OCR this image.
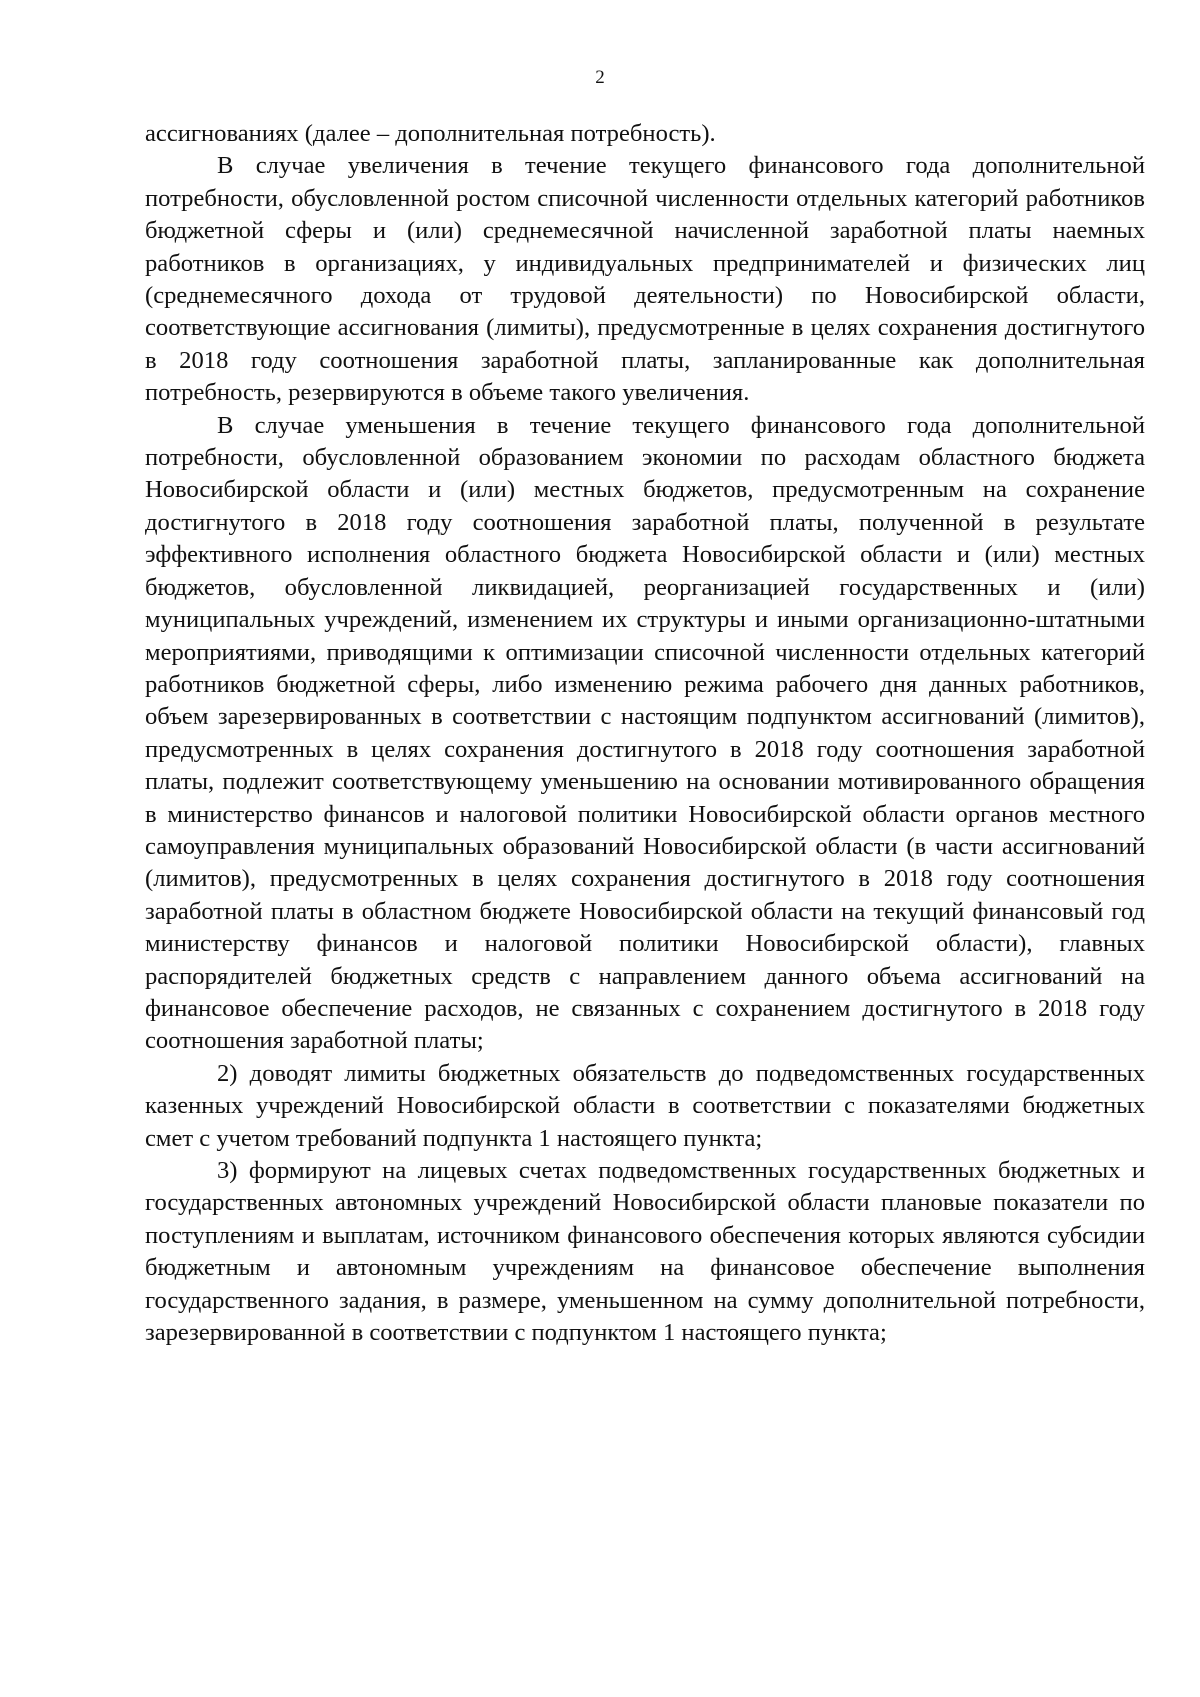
2

ассигнованиях (далее – дополнительная потребность).

В случае увеличения в течение текущего финансового года дополнительной потребности, обусловленной ростом списочной численности отдельных категорий работников бюджетной сферы и (или) среднемесячной начисленной заработной платы наемных работников в организациях, у индивидуальных предпринимателей и физических лиц (среднемесячного дохода от трудовой деятельности) по Новосибирской области, соответствующие ассигнования (лимиты), предусмотренные в целях сохранения достигнутого в 2018 году соотношения заработной платы, запланированные как дополнительная потребность, резервируются в объеме такого увеличения.

В случае уменьшения в течение текущего финансового года дополнительной потребности, обусловленной образованием экономии по расходам областного бюджета Новосибирской области и (или) местных бюджетов, предусмотренным на сохранение достигнутого в 2018 году соотношения заработной платы, полученной в результате эффективного исполнения областного бюджета Новосибирской области и (или) местных бюджетов, обусловленной ликвидацией, реорганизацией государственных и (или) муниципальных учреждений, изменением их структуры и иными организационно-штатными мероприятиями, приводящими к оптимизации списочной численности отдельных категорий работников бюджетной сферы, либо изменению режима рабочего дня данных работников, объем зарезервированных в соответствии с настоящим подпунктом ассигнований (лимитов), предусмотренных в целях сохранения достигнутого в 2018 году соотношения заработной платы, подлежит соответствующему уменьшению на основании мотивированного обращения в министерство финансов и налоговой политики Новосибирской области органов местного самоуправления муниципальных образований Новосибирской области (в части ассигнований (лимитов), предусмотренных в целях сохранения достигнутого в 2018 году соотношения заработной платы в областном бюджете Новосибирской области на текущий финансовый год министерству финансов и налоговой политики Новосибирской области), главных распорядителей бюджетных средств с направлением данного объема ассигнований на финансовое обеспечение расходов, не связанных с сохранением достигнутого в 2018 году соотношения заработной платы;

2) доводят лимиты бюджетных обязательств до подведомственных государственных казенных учреждений Новосибирской области в соответствии с показателями бюджетных смет с учетом требований подпункта 1 настоящего пункта;

3) формируют на лицевых счетах подведомственных государственных бюджетных и государственных автономных учреждений Новосибирской области плановые показатели по поступлениям и выплатам, источником финансового обеспечения которых являются субсидии бюджетным и автономным учреждениям на финансовое обеспечение выполнения государственного задания, в размере, уменьшенном на сумму дополнительной потребности, зарезервированной в соответствии с подпунктом 1 настоящего пункта;
